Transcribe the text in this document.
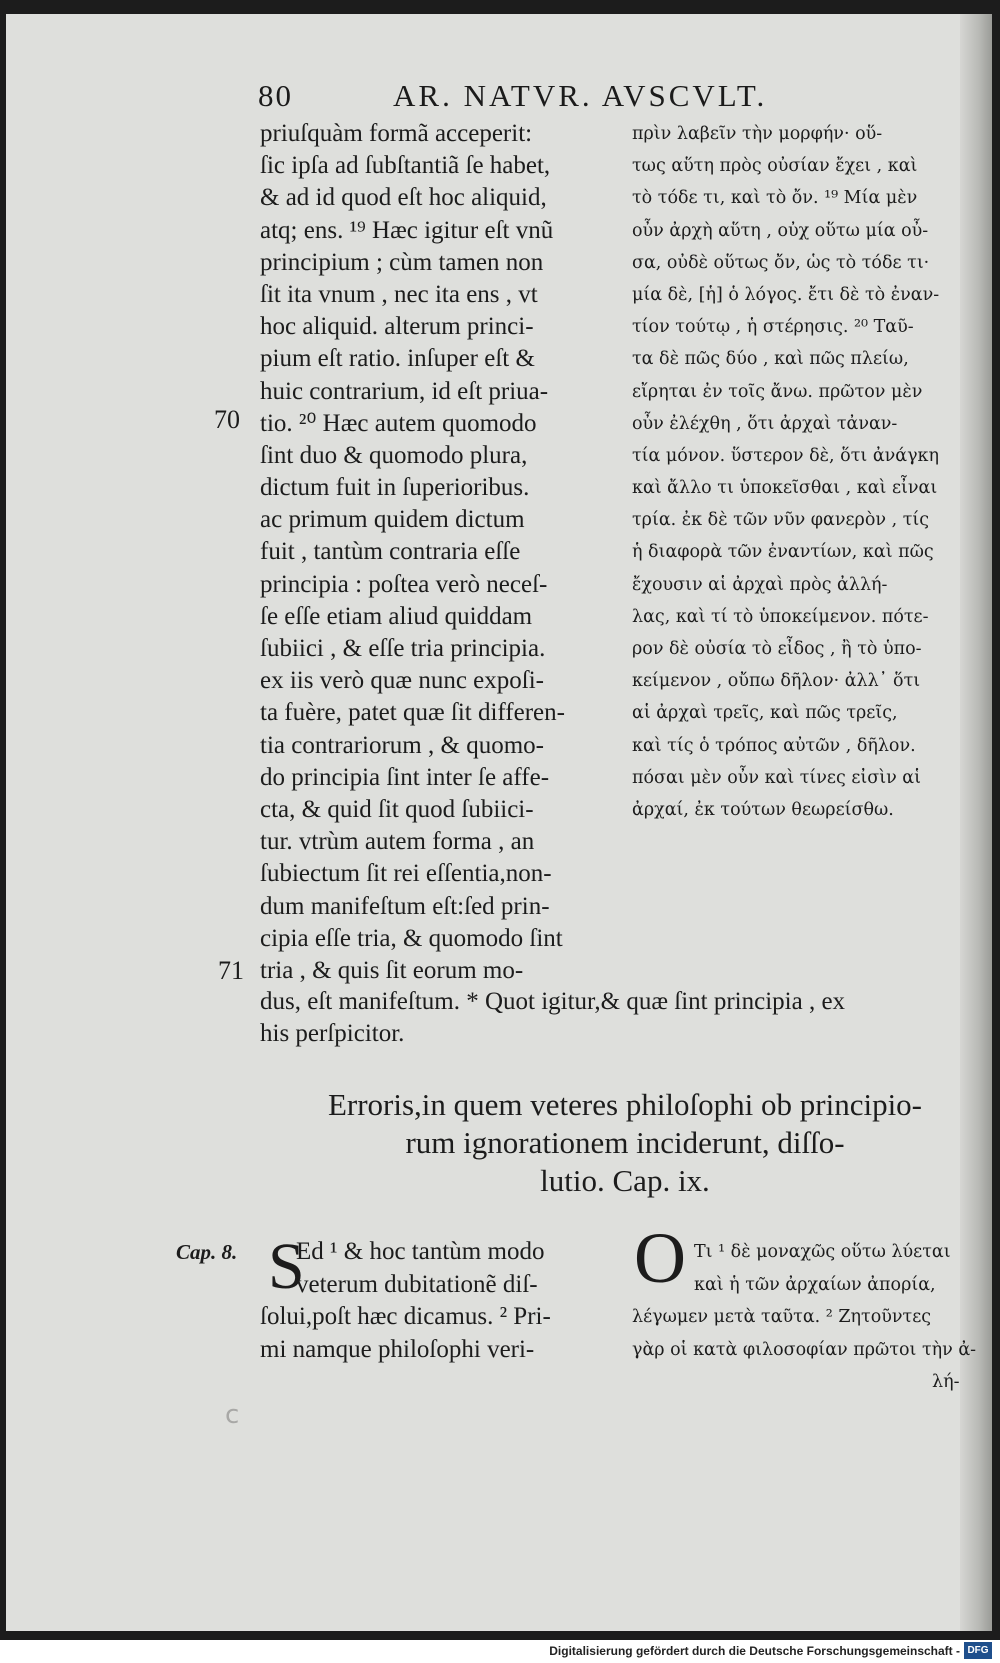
80	AR. NATVR. AVSCVLT.
priuſquàm formã acceperit:
ſic ipſa ad ſubſtantiã ſe habet,
& ad id quod eſt hoc aliquid,
atq; ens. ¹⁹ Hæc igitur eſt vnũ
principium ; cùm tamen non
ſit ita vnum , nec ita ens , vt
hoc aliquid. alterum princi-
pium eſt ratio. inſuper eſt &
huic contrarium, id eſt priua-
tio. ²⁰ Hæc autem quomodo
ſint duo & quomodo plura,
dictum fuit in ſuperioribus.
ac primum quidem dictum
fuit , tantùm contraria eſſe
principia : poſtea verò neceſ-
ſe eſſe etiam aliud quiddam
ſubiici , & eſſe tria principia.
ex iis verò quæ nunc expoſi-
ta fuère, patet quæ ſit differen-
tia contrariorum , & quomo-
do principia ſint inter ſe affe-
cta, & quid ſit quod ſubiici-
tur. vtrùm autem forma , an
ſubiectum ſit rei eſſentia,non-
dum manifeſtum eſt:ſed prin-
cipia eſſe tria, & quomodo ſint
tria , & quis ſit eorum mo-
πρὶν λαβεῖν τὴν μορφήν· οὕ-
τως αὕτη πρὸς οὐσίαν ἔχει , καὶ
τὸ τόδε τι, καὶ τὸ ὄν. ¹⁹ Μία μὲν
οὖν ἀρχὴ αὕτη , οὐχ οὕτω μία οὖ-
σα, οὐδὲ οὕτως ὄν, ὡς τὸ τόδε τι·
μία δὲ, [ἡ] ὁ λόγος. ἔτι δὲ τὸ ἐναν-
τίον τούτῳ , ἡ στέρησις. ²⁰ Ταῦ-
τα δὲ πῶς δύο , καὶ πῶς πλείω,
εἴρηται ἐν τοῖς ἄνω. πρῶτον μὲν
οὖν ἐλέχθη , ὅτι ἀρχαὶ τἀναν-
τία μόνον. ὕστερον δὲ, ὅτι ἀνάγκη
καὶ ἄλλο τι ὑποκεῖσθαι , καὶ εἶναι
τρία. ἐκ δὲ τῶν νῦν φανερὸν , τίς
ἡ διαφορὰ τῶν ἐναντίων, καὶ πῶς
ἔχουσιν αἱ ἀρχαὶ πρὸς ἀλλή-
λας, καὶ τί τὸ ὑποκείμενον. πότε-
ρον δὲ οὐσία τὸ εἶδος , ἢ τὸ ὑπο-
κείμενον , οὔπω δῆλον· ἀλλ᾽ ὅτι
αἱ ἀρχαὶ τρεῖς, καὶ πῶς τρεῖς,
καὶ τίς ὁ τρόπος αὐτῶν , δῆλον.
πόσαι μὲν οὖν καὶ τίνες εἰσὶν αἱ
ἀρχαί, ἐκ τούτων θεωρείσθω.
70
71
dus, eſt manifeſtum. * Quot igitur,& quæ ſint principia , ex
his perſpicitor.
Erroris,in quem veteres philoſophi ob principio-
rum ignorationem inciderunt, diſſo-
lutio. Cap. ix.
Cap. 8. S
Ed ¹ & hoc tantùm modo
veterum dubitationẽ diſ-
ſolui,poſt hæc dicamus. ² Pri-
mi namque philoſophi veri-
O Τι ¹ δὲ μοναχῶς οὕτω λύεται
καὶ ἡ τῶν ἀρχαίων ἀπορία,
λέγωμεν μετὰ ταῦτα. ² Ζητοῦντες
γὰρ οἱ κατὰ φιλοσοφίαν πρῶτοι τὴν ἀ-
λή-
c
Digitalisierung gefördert durch die Deutsche Forschungsgemeinschaft - DFG
